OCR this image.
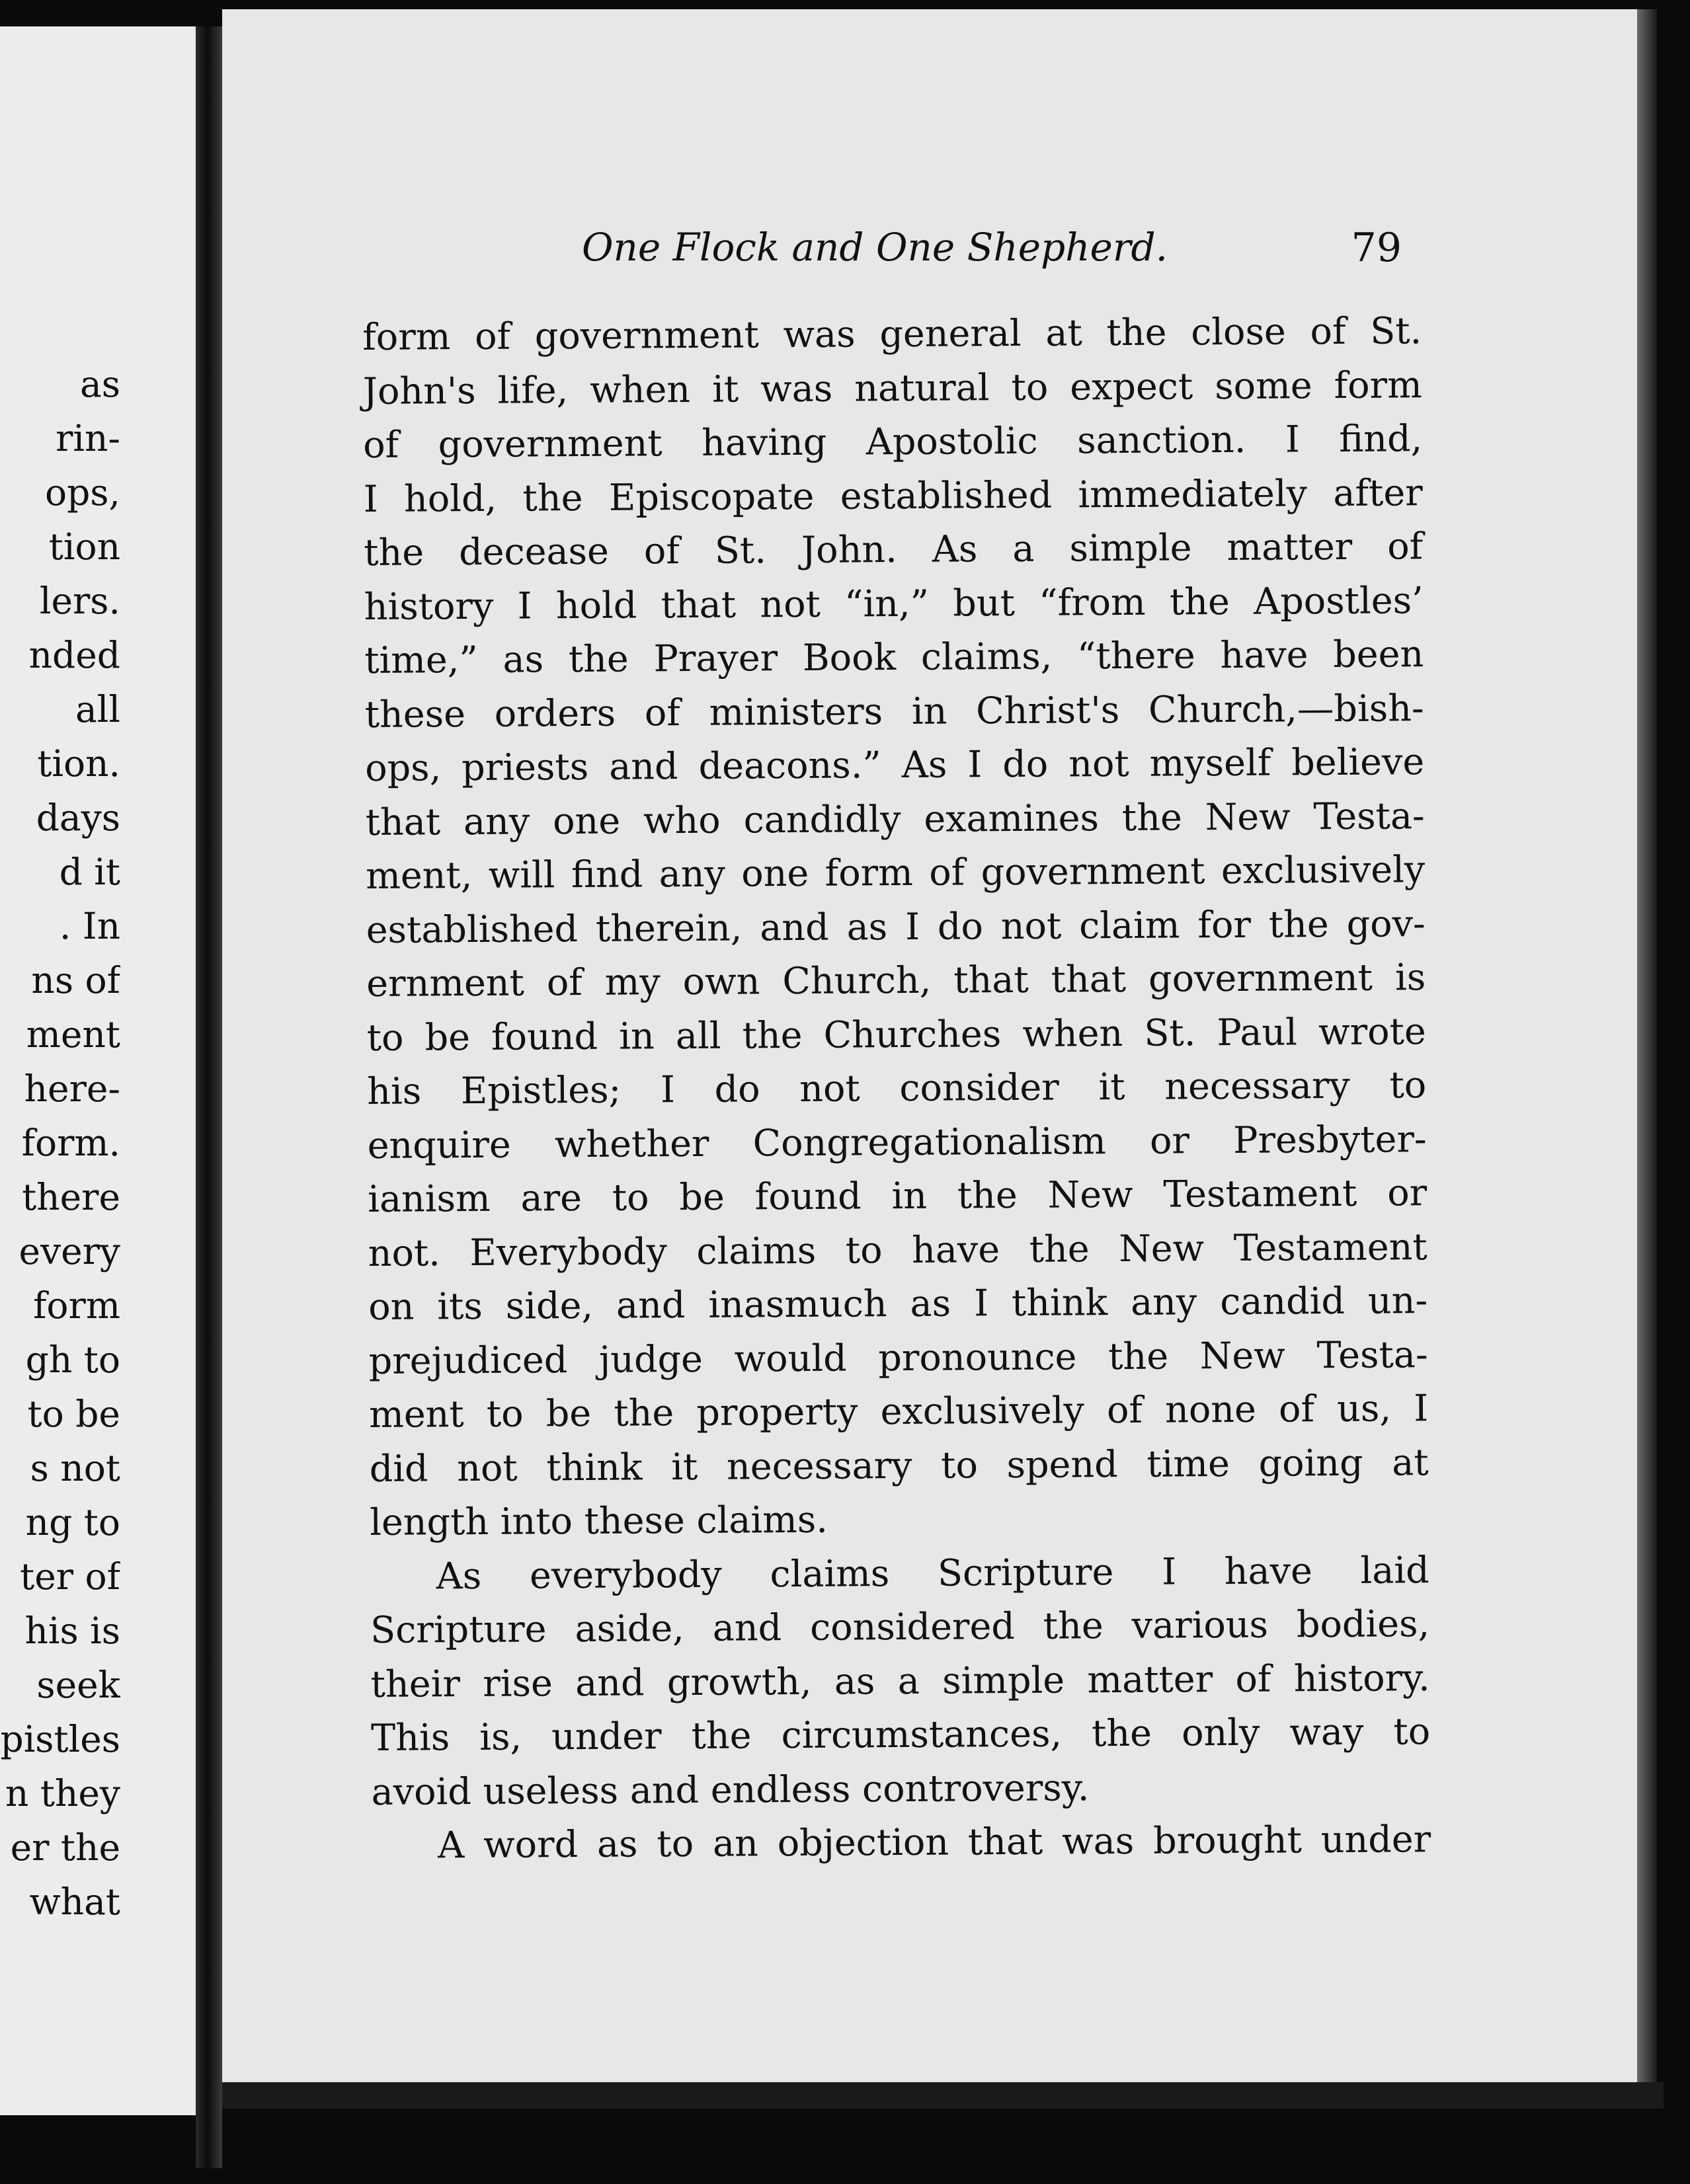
as
rin-
ops,
tion
lers.
nded
all
tion.
days
d it
. In
ns of
ment
here-
form.
there
every
form
gh to
to be
s not
ng to
ter of
his is
seek
pistles
n they
er the
what
One Flock and One Shepherd.	79
form of government was general at the close of St.
John's life, when it was natural to expect some form
of government having Apostolic sanction. I find,
I hold, the Episcopate established immediately after
the decease of St. John. As a simple matter of
history I hold that not “in,” but “from the Apostles’
time,” as the Prayer Book claims, “there have been
these orders of ministers in Christ's Church,—bish-
ops, priests and deacons.” As I do not myself believe
that any one who candidly examines the New Testa-
ment, will find any one form of government exclusively
established therein, and as I do not claim for the gov-
ernment of my own Church, that that government is
to be found in all the Churches when St. Paul wrote
his Epistles; I do not consider it necessary to
enquire whether Congregationalism or Presbyter-
ianism are to be found in the New Testament or
not. Everybody claims to have the New Testament
on its side, and inasmuch as I think any candid un-
prejudiced judge would pronounce the New Testa-
ment to be the property exclusively of none of us, I
did not think it necessary to spend time going at
length into these claims.
As everybody claims Scripture I have laid
Scripture aside, and considered the various bodies,
their rise and growth, as a simple matter of history.
This is, under the circumstances, the only way to
avoid useless and endless controversy.
A word as to an objection that was brought under
